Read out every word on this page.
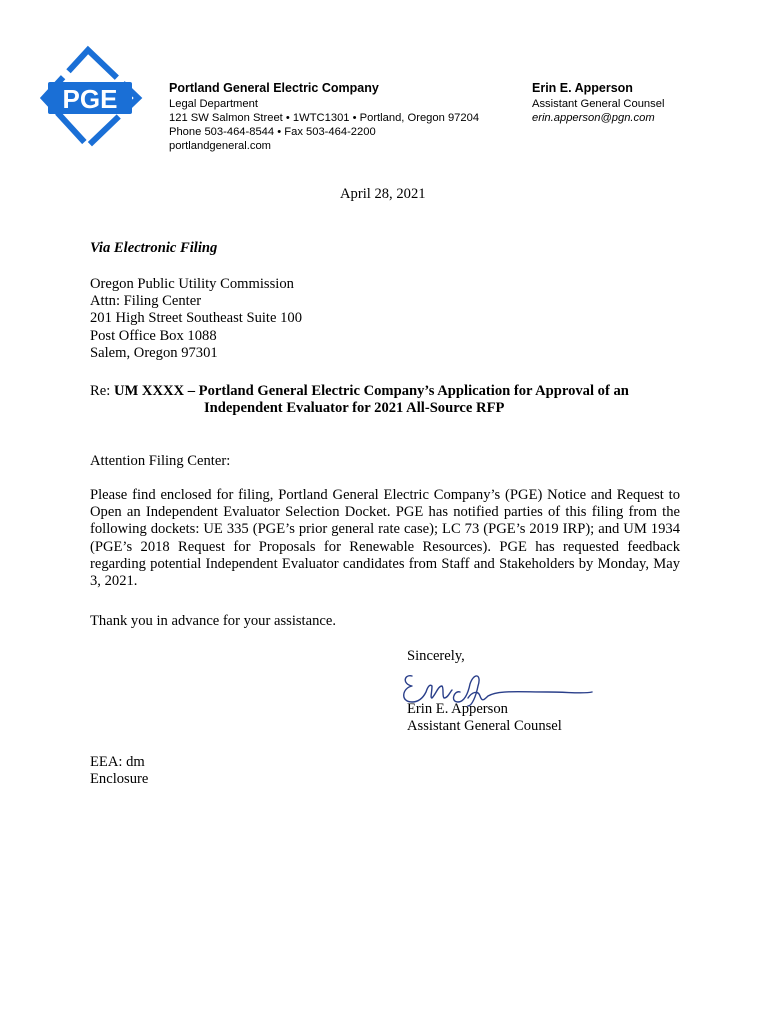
PGE	Portland General Electric Company
Legal Department
121 SW Salmon Street • 1WTC1301 • Portland, Oregon 97204
Phone 503-464-8544 • Fax 503-464-2200
portlandgeneral.com
Erin E. Apperson
Assistant General Counsel
erin.apperson@pgn.com
April 28, 2021
Via Electronic Filing
Oregon Public Utility Commission
Attn: Filing Center
201 High Street Southeast Suite 100
Post Office Box 1088
Salem, Oregon 97301
Re: UM XXXX – Portland General Electric Company’s Application for Approval of an
Independent Evaluator for 2021 All-Source RFP
Attention Filing Center:
Please find enclosed for filing, Portland General Electric Company’s (PGE) Notice and Request to Open an Independent Evaluator Selection Docket. PGE has notified parties of this filing from the following dockets: UE 335 (PGE’s prior general rate case); LC 73 (PGE’s 2019 IRP); and UM 1934 (PGE’s 2018 Request for Proposals for Renewable Resources). PGE has requested feedback regarding potential Independent Evaluator candidates from Staff and Stakeholders by Monday, May 3, 2021.
Thank you in advance for your assistance.
Sincerely,
Erin E. Apperson
Assistant General Counsel
EEA: dm
Enclosure
